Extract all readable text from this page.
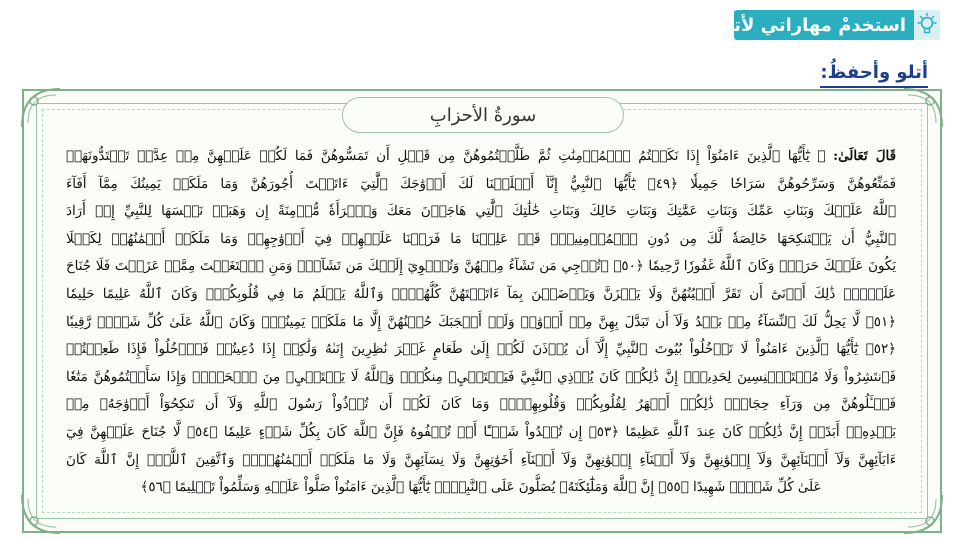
استخدمْ مهاراتي لأتعلّمَ
أتلو وأحفظُ:
سورةُ الأحزابِ
قَالَ تَعَالَىٰ: ﴿ يَٰٓأَيُّهَا ٱلَّذِينَ ءَامَنُوٓاْ إِذَا نَكَحۡتُمُ ٱلۡمُؤۡمِنَٰتِ ثُمَّ طَلَّقۡتُمُوهُنَّ مِن قَبۡلِ أَن تَمَسُّوهُنَّ فَمَا لَكُمۡ عَلَيۡهِنَّ مِنۡ عِدَّةٖ تَعۡتَدُّونَهَاۖ
فَمَتِّعُوهُنَّ وَسَرِّحُوهُنَّ سَرَاحٗا جَمِيلٗا ﴿٤٩﴾ يَٰٓأَيُّهَا ٱلنَّبِيُّ إِنَّآ أَحۡلَلۡنَا لَكَ أَزۡوَٰجَكَ ٱلَّٰتِيٓ ءَاتَيۡتَ أُجُورَهُنَّ وَمَا مَلَكَتۡ يَمِينُكَ مِمَّآ أَفَآءَ
ٱللَّهُ عَلَيۡكَ وَبَنَاتِ عَمِّكَ وَبَنَاتِ عَمَّٰتِكَ وَبَنَاتِ خَالِكَ وَبَنَاتِ خَٰلَٰتِكَ ٱلَّٰتِي هَاجَرۡنَ مَعَكَ وَٱمۡرَأَةٗ مُّؤۡمِنَةً إِن وَهَبَتۡ نَفۡسَهَا لِلنَّبِيِّ إِنۡ أَرَادَ
ٱلنَّبِيُّ أَن يَسۡتَنكِحَهَا خَالِصَةٗ لَّكَ مِن دُونِ ٱلۡمُؤۡمِنِينَۗ قَدۡ عَلِمۡنَا مَا فَرَضۡنَا عَلَيۡهِمۡ فِيٓ أَزۡوَٰجِهِمۡ وَمَا مَلَكَتۡ أَيۡمَٰنُهُمۡ لِكَيۡلَا
يَكُونَ عَلَيۡكَ حَرَجٞۗ وَكَانَ ٱللَّهُ غَفُورٗا رَّحِيمٗا ﴿٥٠﴾ ۞تُرۡجِي مَن تَشَآءُ مِنۡهُنَّ وَتُـٔۡوِيٓ إِلَيۡكَ مَن تَشَآءُۖ وَمَنِ ٱبۡتَغَيۡتَ مِمَّنۡ عَزَلۡتَ فَلَا جُنَاحَ
عَلَيۡكَۚ ذَٰلِكَ أَدۡنَىٰٓ أَن تَقَرَّ أَعۡيُنُهُنَّ وَلَا يَحۡزَنَّ وَيَرۡضَيۡنَ بِمَآ ءَاتَيۡتَهُنَّ كُلُّهُنَّۚ وَٱللَّهُ يَعۡلَمُ مَا فِي قُلُوبِكُمۡۚ وَكَانَ ٱللَّهُ عَلِيمًا حَلِيمٗا
﴿٥١﴾ لَّا يَحِلُّ لَكَ ٱلنِّسَآءُ مِنۢ بَعۡدُ وَلَآ أَن تَبَدَّلَ بِهِنَّ مِنۡ أَزۡوَٰجٖ وَلَوۡ أَعۡجَبَكَ حُسۡنُهُنَّ إِلَّا مَا مَلَكَتۡ يَمِينُكَۗ وَكَانَ ٱللَّهُ عَلَىٰ كُلِّ شَيۡءٖ رَّقِيبٗا
﴿٥٢﴾ يَٰٓأَيُّهَا ٱلَّذِينَ ءَامَنُواْ لَا تَدۡخُلُواْ بُيُوتَ ٱلنَّبِيِّ إِلَّآ أَن يُؤۡذَنَ لَكُمۡ إِلَىٰ طَعَامٍ غَيۡرَ نَٰظِرِينَ إِنَىٰهُ وَلَٰكِنۡ إِذَا دُعِيتُمۡ فَٱدۡخُلُواْ فَإِذَا طَعِمۡتُمۡ
فَٱنتَشِرُواْ وَلَا مُسۡتَـٔۡنِسِينَ لِحَدِيثٍۚ إِنَّ ذَٰلِكُمۡ كَانَ يُؤۡذِي ٱلنَّبِيَّ فَيَسۡتَحۡيِۦ مِنكُمۡۖ وَٱللَّهُ لَا يَسۡتَحۡيِۦ مِنَ ٱلۡحَقِّۚ وَإِذَا سَأَلۡتُمُوهُنَّ مَتَٰعٗا
فَسۡـَٔلُوهُنَّ مِن وَرَآءِ حِجَابٖۚ ذَٰلِكُمۡ أَطۡهَرُ لِقُلُوبِكُمۡ وَقُلُوبِهِنَّۚ وَمَا كَانَ لَكُمۡ أَن تُؤۡذُواْ رَسُولَ ٱللَّهِ وَلَآ أَن تَنكِحُوٓاْ أَزۡوَٰجَهُۥ مِنۢ
بَعۡدِهِۦٓ أَبَدًاۚ إِنَّ ذَٰلِكُمۡ كَانَ عِندَ ٱللَّهِ عَظِيمًا ﴿٥٣﴾ إِن تُبۡدُواْ شَيۡـًٔا أَوۡ تُخۡفُوهُ فَإِنَّ ٱللَّهَ كَانَ بِكُلِّ شَيۡءٍ عَلِيمٗا ﴿٥٤﴾ لَّا جُنَاحَ عَلَيۡهِنَّ فِيٓ
ءَابَآئِهِنَّ وَلَآ أَبۡنَآئِهِنَّ وَلَآ إِخۡوَٰنِهِنَّ وَلَآ أَبۡنَآءِ إِخۡوَٰنِهِنَّ وَلَآ أَبۡنَآءِ أَخَوَٰتِهِنَّ وَلَا نِسَآئِهِنَّ وَلَا مَا مَلَكَتۡ أَيۡمَٰنُهُنَّۗ وَٱتَّقِينَ ٱللَّهَۚ إِنَّ ٱللَّهَ كَانَ
عَلَىٰ كُلِّ شَيۡءٖ شَهِيدًا ﴿٥٥﴾ إِنَّ ٱللَّهَ وَمَلَٰٓئِكَتَهُۥ يُصَلُّونَ عَلَى ٱلنَّبِيِّۚ يَٰٓأَيُّهَا ٱلَّذِينَ ءَامَنُواْ صَلُّواْ عَلَيۡهِ وَسَلِّمُواْ تَسۡلِيمًا ﴿٥٦﴾
